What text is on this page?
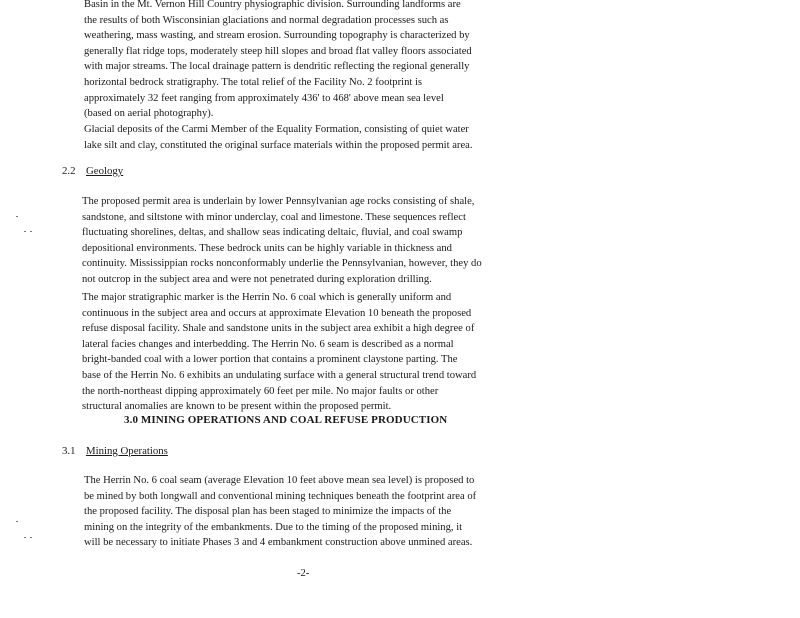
Basin in the Mt. Vernon Hill Country physiographic division. Surrounding landforms are
the results of both Wisconsinian glaciations and normal degradation processes such as
weathering, mass wasting, and stream erosion. Surrounding topography is characterized by
generally flat ridge tops, moderately steep hill slopes and broad flat valley floors associated
with major streams. The local drainage pattern is dendritic reflecting the regional generally
horizontal bedrock stratigraphy. The total relief of the Facility No. 2 footprint is
approximately 32 feet ranging from approximately 436' to 468' above mean sea level
(based on aerial photography).
Glacial deposits of the Carmi Member of the Equality Formation, consisting of quiet water
lake silt and clay, constituted the original surface materials within the proposed permit area.
2.2 Geology
The proposed permit area is underlain by lower Pennsylvanian age rocks consisting of shale,
sandstone, and siltstone with minor underclay, coal and limestone. These sequences reflect
fluctuating shorelines, deltas, and shallow seas indicating deltaic, fluvial, and coal swamp
depositional environments. These bedrock units can be highly variable in thickness and
continuity. Mississippian rocks nonconformably underlie the Pennsylvanian, however, they do
not outcrop in the subject area and were not penetrated during exploration drilling.
The major stratigraphic marker is the Herrin No. 6 coal which is generally uniform and
continuous in the subject area and occurs at approximate Elevation 10 beneath the proposed
refuse disposal facility. Shale and sandstone units in the subject area exhibit a high degree of
lateral facies changes and interbedding. The Herrin No. 6 seam is described as a normal
bright-banded coal with a lower portion that contains a prominent claystone parting. The
base of the Herrin No. 6 exhibits an undulating surface with a general structural trend toward
the north-northeast dipping approximately 60 feet per mile. No major faults or other
structural anomalies are known to be present within the proposed permit.
3.0 MINING OPERATIONS AND COAL REFUSE PRODUCTION
3.1 Mining Operations
The Herrin No. 6 coal seam (average Elevation 10 feet above mean sea level) is proposed to
be mined by both longwall and conventional mining techniques beneath the footprint area of
the proposed facility. The disposal plan has been staged to minimize the impacts of the
mining on the integrity of the embankments. Due to the timing of the proposed mining, it
will be necessary to initiate Phases 3 and 4 embankment construction above unmined areas.
-2-
